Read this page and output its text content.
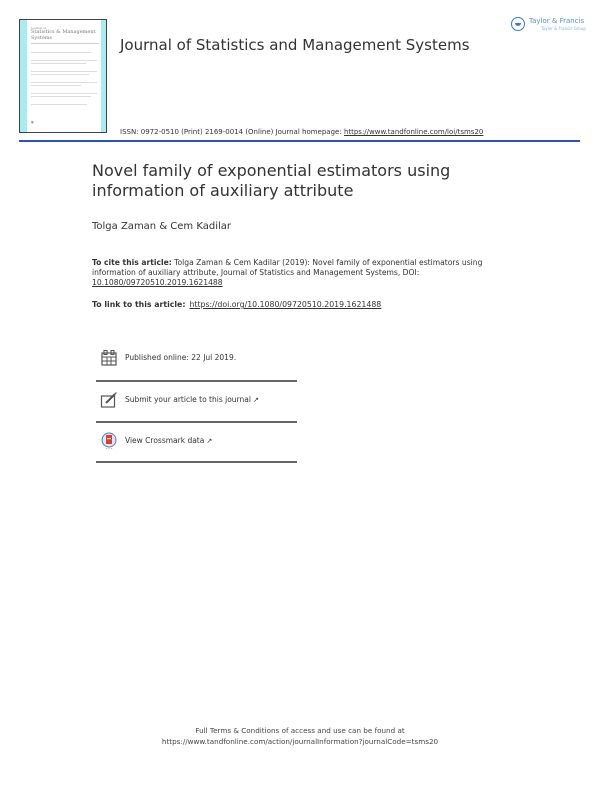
Journal of
Statistics & Management Systems
●
Journal of Statistics and Management Systems
Taylor & Francis
Taylor & Francis Group
ISSN: 0972-0510 (Print) 2169-0014 (Online) Journal homepage: https://www.tandfonline.com/loi/tsms20
Novel family of exponential estimators using information of auxiliary attribute
Tolga Zaman & Cem Kadilar
To cite this article: Tolga Zaman & Cem Kadilar (2019): Novel family of exponential estimators using information of auxiliary attribute, Journal of Statistics and Management Systems, DOI: 10.1080/09720510.2019.1621488
To link to this article: https://doi.org/10.1080/09720510.2019.1621488
Published online: 22 Jul 2019.
Submit your article to this journal ↗
• • •
View Crossmark data ↗
Full Terms & Conditions of access and use can be found at
https://www.tandfonline.com/action/journalInformation?journalCode=tsms20
